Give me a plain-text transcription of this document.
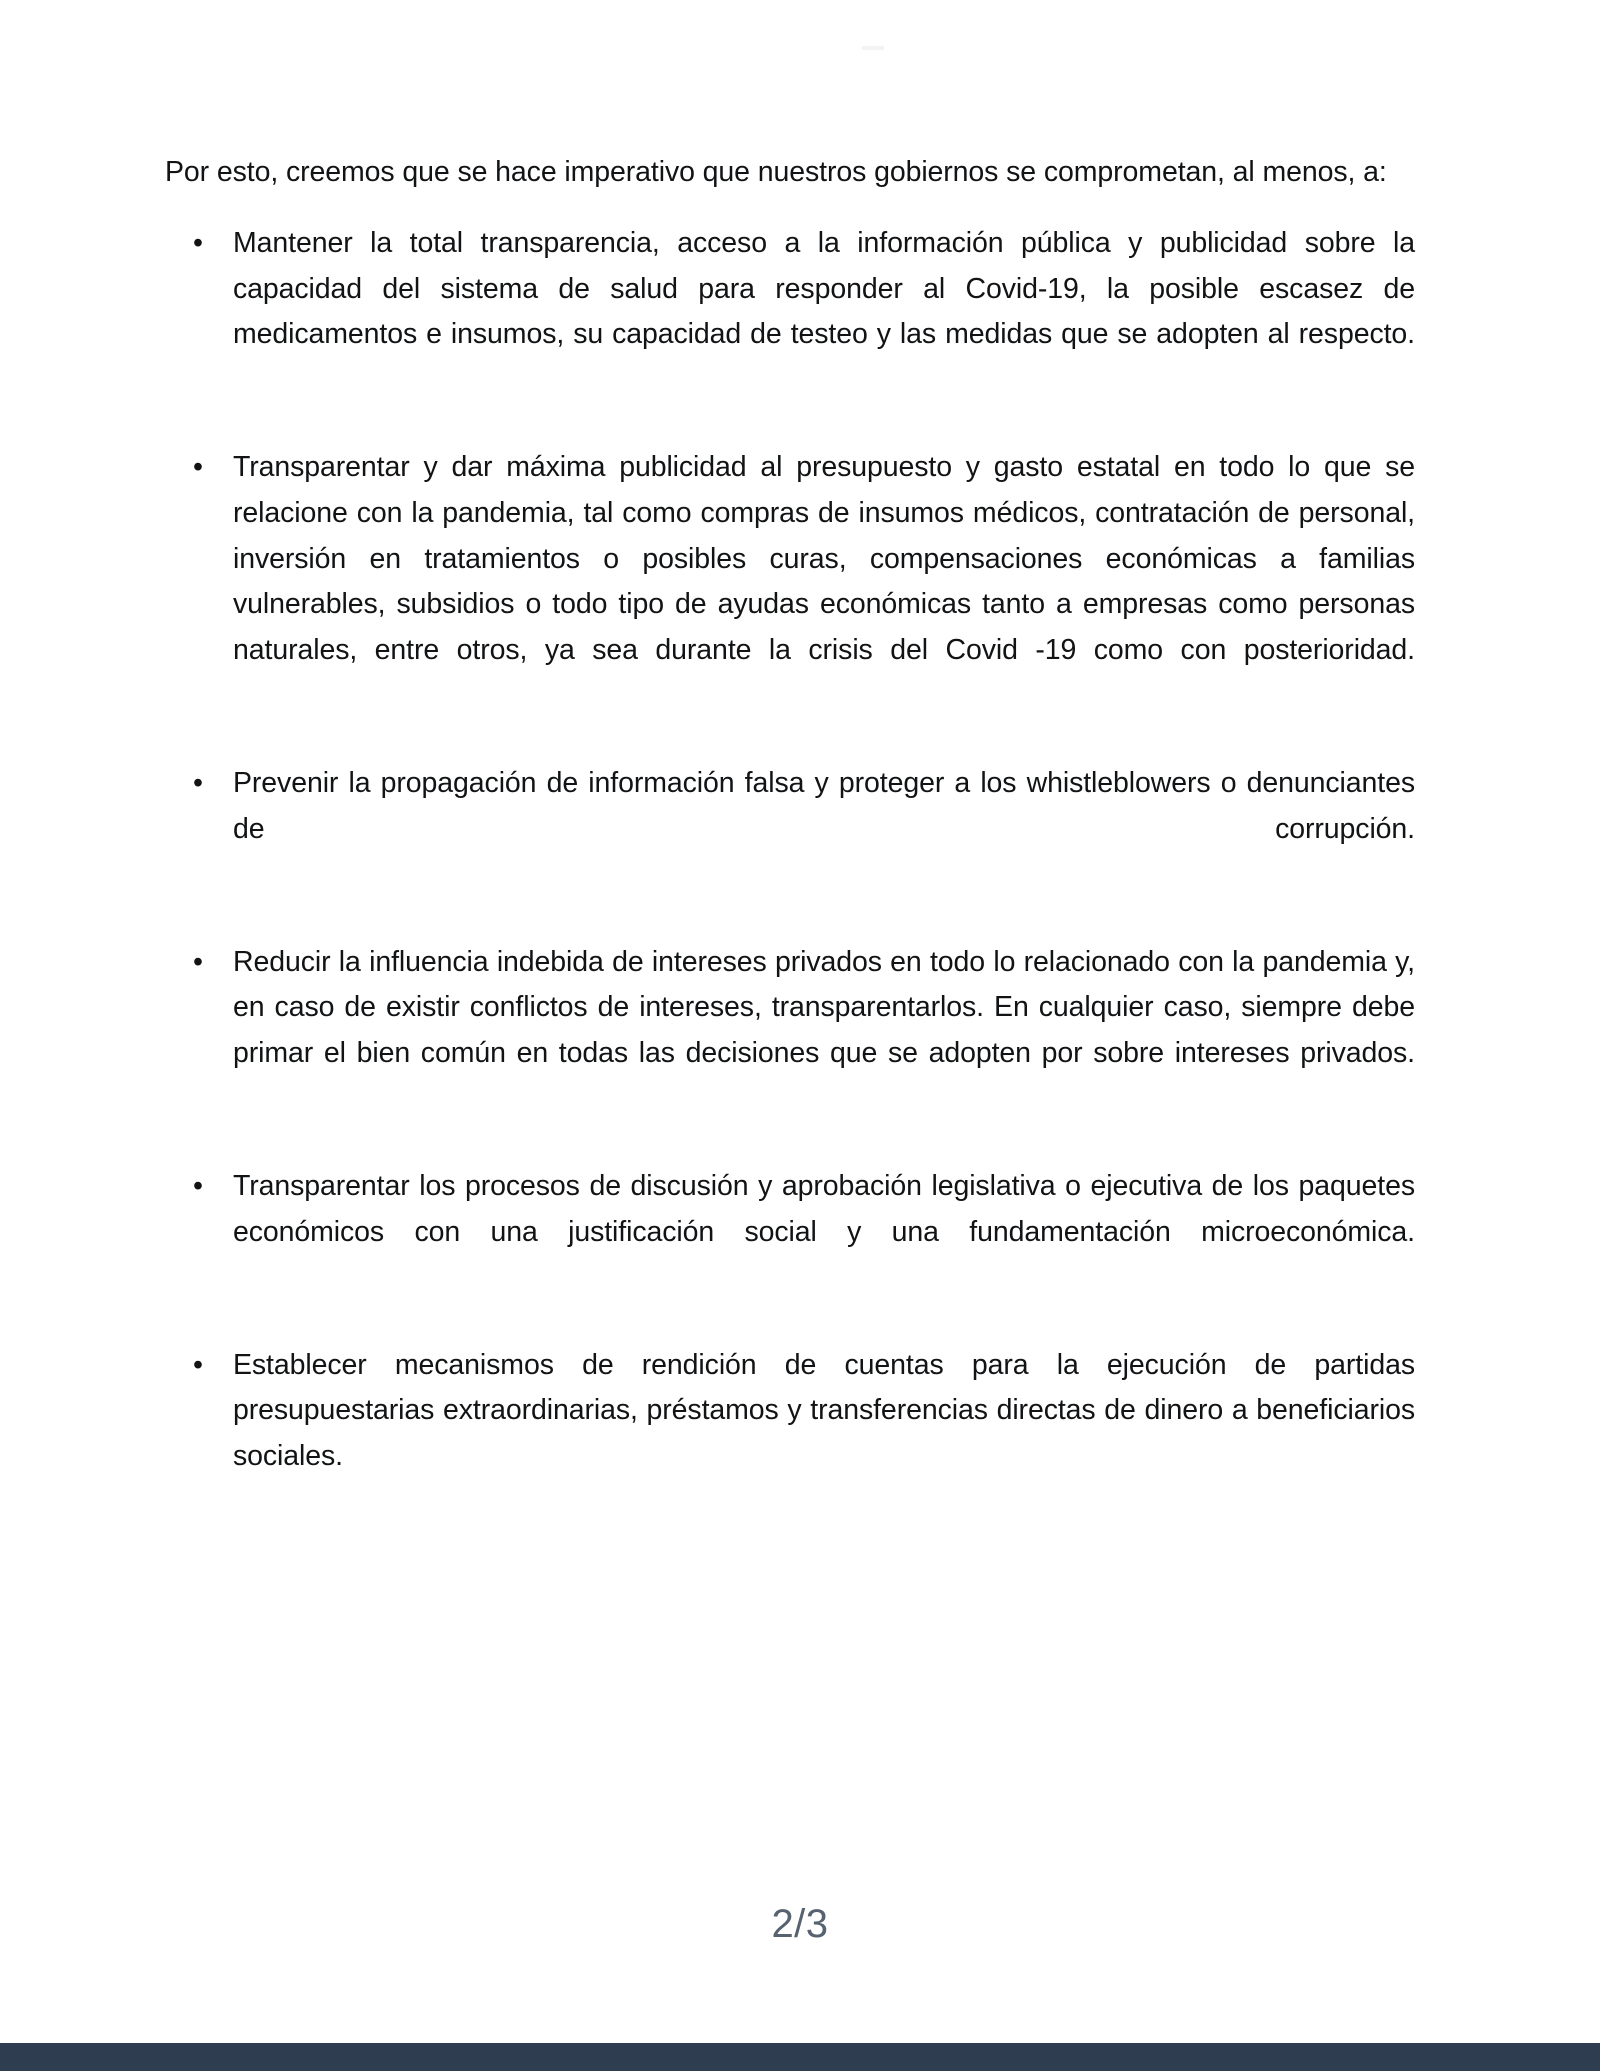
Por esto, creemos que se hace imperativo que nuestros gobiernos se comprometan, al menos, a:

•	Mantener la total transparencia, acceso a la información pública y publicidad sobre la capacidad del sistema de salud para responder al Covid-19, la posible escasez de medicamentos e insumos, su capacidad de testeo y las medidas que se adopten al respecto.
•	Transparentar y dar máxima publicidad al presupuesto y gasto estatal en todo lo que se relacione con la pandemia, tal como compras de insumos médicos, contratación de personal, inversión en tratamientos o posibles curas, compensaciones económicas a familias vulnerables, subsidios o todo tipo de ayudas económicas tanto a empresas como personas naturales, entre otros, ya sea durante la crisis del Covid -19 como con posterioridad.
•	Prevenir la propagación de información falsa y proteger a los whistleblowers o denunciantes de corrupción.
•	Reducir la influencia indebida de intereses privados en todo lo relacionado con la pandemia y, en caso de existir conflictos de intereses, transparentarlos. En cualquier caso, siempre debe primar el bien común en todas las decisiones que se adopten por sobre intereses privados.
•	Transparentar los procesos de discusión y aprobación legislativa o ejecutiva de los paquetes económicos con una justificación social y una fundamentación microeconómica.
•	Establecer mecanismos de rendición de cuentas para la ejecución de partidas presupuestarias extraordinarias, préstamos y transferencias directas de dinero a beneficiarios sociales.
2/3
